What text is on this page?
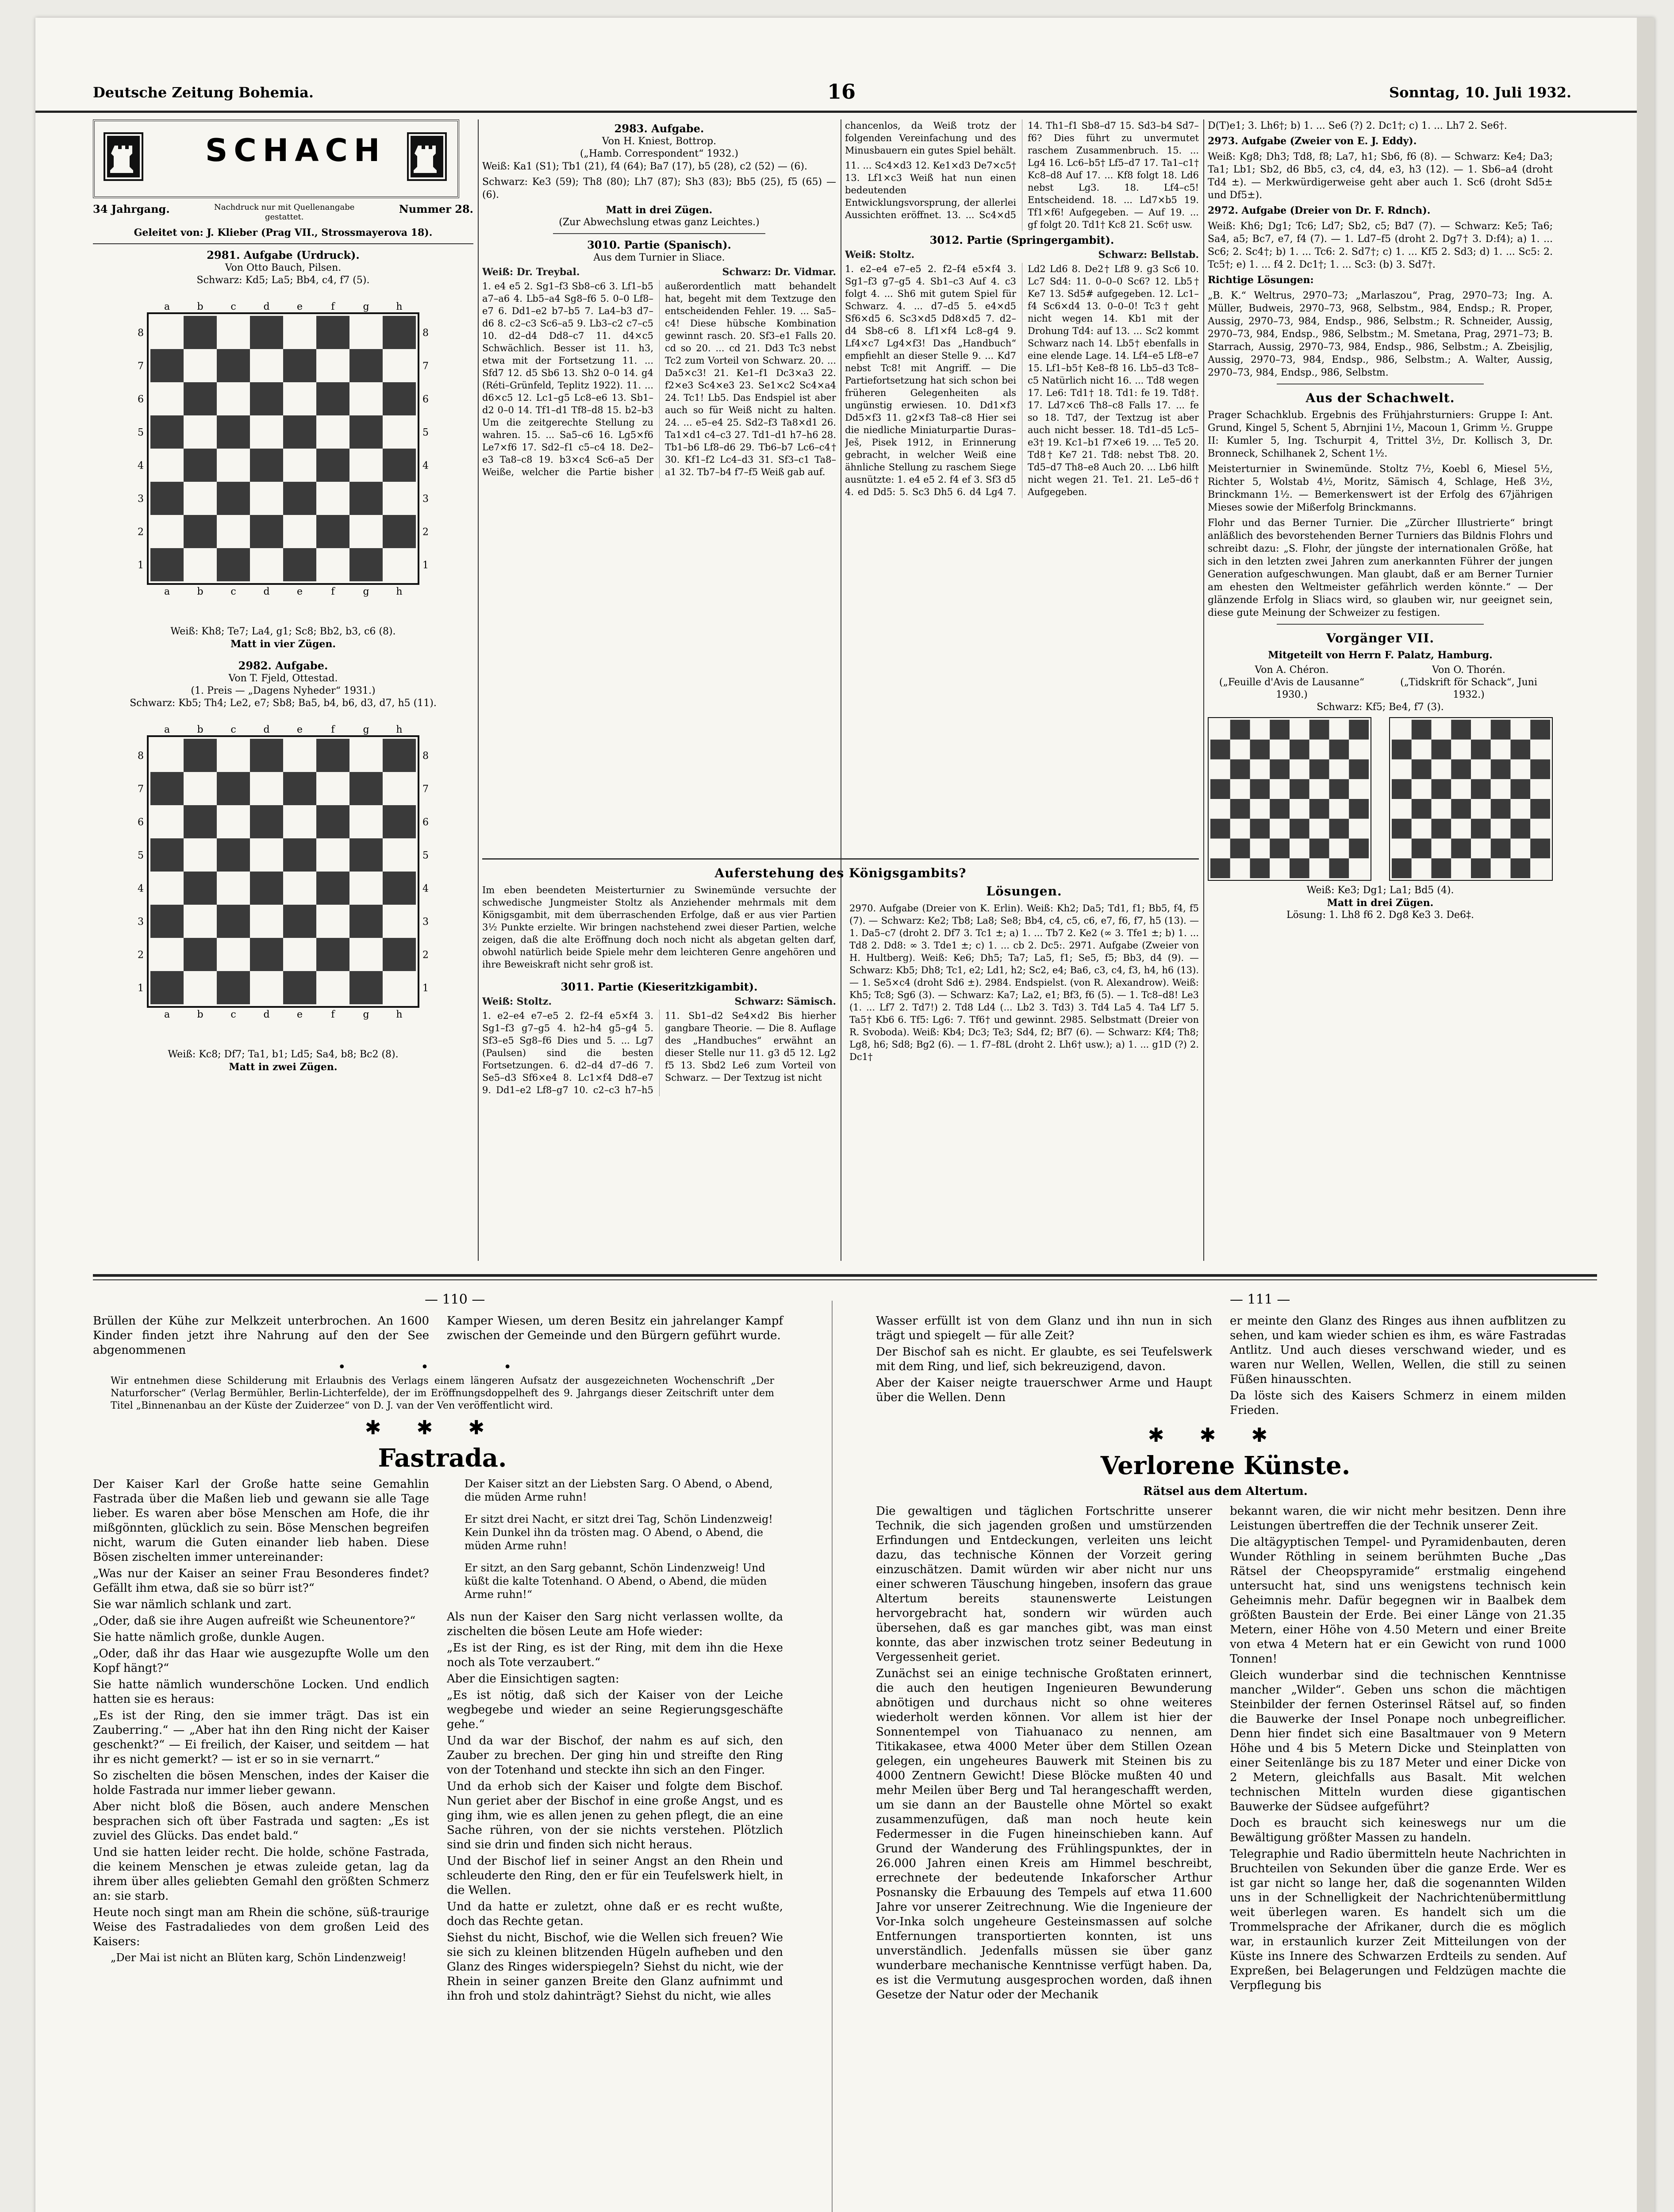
Deutsche Zeitung Bohemia.	16	Sonntag, 10. Juli 1932.
SCHACH
34 Jahrgang.	Nachdruck nur mit Quellenangabe gestattet.
Nummer 28.

Geleitet von: J. Klieber (Prag VII., Strossmayerova 18).

2981. Aufgabe (Urdruck).

Von Otto Bauch, Pilsen.

Schwarz: Kd5; La5; Bb4, c4, f7 (5).

a
a
b
b
c
c
d
d
e
e
f
f
g
g
h
h
8	8
7	7
6	6
5	5
4	4
3	3
2	2
1	1

Weiß: Kh8; Te7; La4, g1; Sc8; Bb2, b3, c6 (8).

Matt in vier Zügen.

2982. Aufgabe.

Von T. Fjeld, Ottestad.

(1. Preis — „Dagens Nyheder“ 1931.)

Schwarz: Kb5; Th4; Le2, e7; Sb8; Ba5, b4, b6, d3, d7, h5 (11).

a
a
b
b
c
c
d
d
e
e
f
f
g
g
h
h
8	8
7	7
6	6
5	5
4	4
3	3
2	2
1	1

Weiß: Kc8; Df7; Ta1, b1; Ld5; Sa4, b8; Bc2 (8).

Matt in zwei Zügen.

2983. Aufgabe.

Von H. Kniest, Bottrop.

(„Hamb. Correspondent“ 1932.)

Weiß: Ka1 (S1); Tb1 (21), f4 (64); Ba7 (17), b5 (28), c2 (52) — (6).

Schwarz: Ke3 (59); Th8 (80); Lh7 (87); Sh3 (83); Bb5 (25), f5 (65) — (6).

Matt in drei Zügen.

(Zur Abwechslung etwas ganz Leichtes.)

3010. Partie (Spanisch).

Aus dem Turnier in Sliace.

Weiß: Dr. Treybal.	Schwarz: Dr. Vidmar.
1. e4 e5 2. Sg1–f3 Sb8–c6 3. Lf1–b5 a7–a6 4. Lb5–a4 Sg8–f6 5. 0–0 Lf8–e7 6. Dd1–e2 b7–b5 7. La4–b3 d7–d6 8. c2–c3 Sc6–a5 9. Lb3–c2 c7–c5 10. d2–d4 Dd8–c7 11. d4×c5 Schwächlich. Besser ist 11. h3, etwa mit der Fortsetzung 11. ... Sfd7 12. d5 Sb6 13. Sh2 0–0 14. g4 (Réti–Grünfeld, Teplitz 1922). 11. ... d6×c5 12. Lc1–g5 Lc8–e6 13. Sb1–d2 0–0 14. Tf1–d1 Tf8–d8 15. b2–b3 Um die zeitgerechte Stellung zu wahren. 15. ... Sa5–c6 16. Lg5×f6 Le7×f6 17. Sd2–f1 c5–c4 18. De2–e3 Ta8–c8 19. b3×c4 Sc6–a5 Der Weiße, welcher die Partie bisher außerordentlich matt behandelt hat, begeht mit dem Textzuge den entscheidenden Fehler. 19. ... Sa5–c4! Diese hübsche Kombination gewinnt rasch. 20. Sf3–e1 Falls 20. cd so 20. ... cd 21. Dd3 Tc3 nebst Tc2 zum Vorteil von Schwarz. 20. ... Da5×c3! 21. Ke1–f1 Dc3×a3 22. f2×e3 Sc4×e3 23. Se1×c2 Sc4×a4 24. Tc1! Lb5. Das Endspiel ist aber auch so für Weiß nicht zu halten. 24. ... e5–e4 25. Sd2–f3 Ta8×d1 26. Ta1×d1 c4–c3 27. Td1–d1 h7–h6 28. Tb1–b6 Lf8–d6 29. Tb6–b7 Lc6–c4† 30. Kf1–f2 Lc4–d3 31. Sf3–c1 Ta8–a1 32. Tb7–b4 f7–f5 Weiß gab auf.

chancenlos, da Weiß trotz der folgenden Vereinfachung und des Minusbauern ein gutes Spiel behält.

11. ... Sc4×d3 12. Ke1×d3 De7×c5† 13. Lf1×c3 Weiß hat nun einen bedeutenden Entwicklungsvorsprung, der allerlei Aussichten eröffnet. 13. ... Sc4×d5 14. Th1–f1 Sb8–d7 15. Sd3–b4 Sd7–f6? Dies führt zu unvermutet raschem Zusammenbruch. 15. ... Lg4 16. Lc6–b5† Lf5–d7 17. Ta1–c1† Kc8–d8 Auf 17. ... Kf8 folgt 18. Ld6 nebst Lg3. 18. Lf4–c5! Entscheidend. 18. ... Ld7×b5 19. Tf1×f6! Aufgegeben. — Auf 19. ... gf folgt 20. Td1† Kc8 21. Sc6† usw.

3012. Partie (Springergambit).

Weiß: Stoltz.	Schwarz: Bellstab.
1. e2–e4 e7–e5 2. f2–f4 e5×f4 3. Sg1–f3 g7–g5 4. Sb1–c3 Auf 4. c3 folgt 4. ... Sh6 mit gutem Spiel für Schwarz. 4. ... d7–d5 5. e4×d5 Sf6×d5 6. Sc3×d5 Dd8×d5 7. d2–d4 Sb8–c6 8. Lf1×f4 Lc8–g4 9. Lf4×c7 Lg4×f3! Das „Handbuch“ empfiehlt an dieser Stelle 9. ... Kd7 nebst Tc8! mit Angriff. — Die Partiefortsetzung hat sich schon bei früheren Gelegenheiten als ungünstig erwiesen. 10. Dd1×f3 Dd5×f3 11. g2×f3 Ta8–c8 Hier sei die niedliche Miniaturpartie Duras–Ješ, Pisek 1912, in Erinnerung gebracht, in welcher Weiß eine ähnliche Stellung zu raschem Siege ausnützte: 1. e4 e5 2. f4 ef 3. Sf3 d5 4. ed Dd5: 5. Sc3 Dh5 6. d4 Lg4 7. Ld2 Ld6 8. De2† Lf8 9. g3 Sc6 10. Lc7 Sd4: 11. 0–0–0 Sc6? 12. Lb5† Ke7 13. Sd5# aufgegeben. 12. Lc1–f4 Sc6×d4 13. 0–0–0! Tc3† geht nicht wegen 14. Kb1 mit der Drohung Td4: auf 13. ... Sc2 kommt Schwarz nach 14. Lb5† ebenfalls in eine elende Lage. 14. Lf4–e5 Lf8–e7 15. Lf1–b5† Ke8–f8 16. Lb5–d3 Tc8–c5 Natürlich nicht 16. ... Td8 wegen 17. Le6: Td1† 18. Td1: fe 19. Td8†. 17. Ld7×c6 Th8–c8 Falls 17. ... fe so 18. Td7, der Textzug ist aber auch nicht besser. 18. Td1–d5 Lc5–e3† 19. Kc1–b1 f7×e6 19. ... Te5 20. Td8† Ke7 21. Td8: nebst Tb8. 20. Td5–d7 Th8–e8 Auch 20. ... Lb6 hilft nicht wegen 21. Te1. 21. Le5–d6† Aufgegeben.

Auferstehung des Königsgambits?

Im eben beendeten Meisterturnier zu Swinemünde versuchte der schwedische Jungmeister Stoltz als Anziehender mehrmals mit dem Königsgambit, mit dem überraschenden Erfolge, daß er aus vier Partien 3½ Punkte erzielte. Wir bringen nachstehend zwei dieser Partien, welche zeigen, daß die alte Eröffnung doch noch nicht als abgetan gelten darf, obwohl natürlich beide Spiele mehr dem leichteren Genre angehören und ihre Beweiskraft nicht sehr groß ist.

Lösungen.

2970. Aufgabe (Dreier von K. Erlin). Weiß: Kh2; Da5; Td1, f1; Bb5, f4, f5 (7). — Schwarz: Ke2; Tb8; La8; Se8; Bb4, c4, c5, c6, e7, f6, f7, h5 (13). — 1. Da5–c7 (droht 2. Df7 3. Tc1 ±; a) 1. ... Tb7 2. Ke2 (∞ 3. Tfe1 ±; b) 1. ... Td8 2. Dd8: ∞ 3. Tde1 ±; c) 1. ... cb 2. Dc5:. 2971. Aufgabe (Zweier von H. Hultberg). Weiß: Ke6; Dh5; Ta7; La5, f1; Se5, f5; Bb3, d4 (9). — Schwarz: Kb5; Dh8; Tc1, e2; Ld1, h2; Sc2, e4; Ba6, c3, c4, f3, h4, h6 (13). — 1. Se5×c4 (droht Sd6 ±). 2984. Endspielst. (von R. Alexandrow). Weiß: Kh5; Tc8; Sg6 (3). — Schwarz: Ka7; La2, e1; Bf3, f6 (5). — 1. Tc8–d8! Le3 (1. ... Lf7 2. Td7!) 2. Td8 Ld4 (... Lb2 3. Td3) 3. Td4 La5 4. Ta4 Lf7 5. Ta5† Kb6 6. Tf5: Lg6: 7. Tf6† und gewinnt. 2985. Selbstmatt (Dreier von R. Svoboda). Weiß: Kb4; Dc3; Te3; Sd4, f2; Bf7 (6). — Schwarz: Kf4; Th8; Lg8, h6; Sd8; Bg2 (6). — 1. f7–f8L (droht 2. Lh6† usw.); a) 1. ... g1D (?) 2. Dc1†

3011. Partie (Kieseritzkigambit).

Weiß: Stoltz.	Schwarz: Sämisch.
1. e2–e4 e7–e5 2. f2–f4 e5×f4 3. Sg1–f3 g7–g5 4. h2–h4 g5–g4 5. Sf3–e5 Sg8–f6 Dies und 5. ... Lg7 (Paulsen) sind die besten Fortsetzungen. 6. d2–d4 d7–d6 7. Se5–d3 Sf6×e4 8. Lc1×f4 Dd8–e7 9. Dd1–e2 Lf8–g7 10. c2–c3 h7–h5 11. Sb1–d2 Se4×d2 Bis hierher gangbare Theorie. — Die 8. Auflage des „Handbuches“ erwähnt an dieser Stelle nur 11. g3 d5 12. Lg2 f5 13. Sbd2 Le6 zum Vorteil von Schwarz. — Der Textzug ist nicht

D(T)e1; 3. Lh6†; b) 1. ... Se6 (?) 2. Dc1†; c) 1. ... Lh7 2. Se6†.

2973. Aufgabe (Zweier von E. J. Eddy).

Weiß: Kg8; Dh3; Td8, f8; La7, h1; Sb6, f6 (8). — Schwarz: Ke4; Da3; Ta1; Lb1; Sb2, d6 Bb5, c3, c4, d4, e3, h3 (12). — 1. Sb6–a4 (droht Td4 ±). — Merkwürdigerweise geht aber auch 1. Sc6 (droht Sd5± und Df5±).

2972. Aufgabe (Dreier von Dr. F. Rdnch).

Weiß: Kh6; Dg1; Tc6; Ld7; Sb2, c5; Bd7 (7). — Schwarz: Ke5; Ta6; Sa4, a5; Bc7, e7, f4 (7). — 1. Ld7–f5 (droht 2. Dg7† 3. D:f4); a) 1. ... Sc6; 2. Sc4†; b) 1. ... Tc6: 2. Sd7†; c) 1. ... Kf5 2. Sd3; d) 1. ... Sc5: 2. Tc5†; e) 1. ... f4 2. Dc1†; 1. ... Sc3: (b) 3. Sd7†.

Richtige Lösungen:

„B. K.“ Weltrus, 2970–73; „Marlaszou“, Prag, 2970–73; Ing. A. Müller, Budweis, 2970–73, 968, Selbstm., 984, Endsp.; R. Proper, Aussig, 2970–73, 984, Endsp., 986, Selbstm.; R. Schneider, Aussig, 2970–73, 984, Endsp., 986, Selbstm.; M. Smetana, Prag, 2971–73; B. Starrach, Aussig, 2970–73, 984, Endsp., 986, Selbstm.; A. Zbeisjlig, Aussig, 2970–73, 984, Endsp., 986, Selbstm.; A. Walter, Aussig, 2970–73, 984, Endsp., 986, Selbstm.

Aus der Schachwelt.

Prager Schachklub. Ergebnis des Frühjahrsturniers: Gruppe I: Ant. Grund, Kingel 5, Schent 5, Abrnjini 1½, Macoun 1, Grimm ½. Gruppe II: Kumler 5, Ing. Tschurpit 4, Trittel 3½, Dr. Kollisch 3, Dr. Bronneck, Schilhanek 2, Schent 1½.

Meisterturnier in Swinemünde. Stoltz 7½, Koebl 6, Miesel 5½, Richter 5, Wolstab 4½, Moritz, Sämisch 4, Schlage, Heß 3½, Brinckmann 1½. — Bemerkenswert ist der Erfolg des 67jährigen Mieses sowie der Mißerfolg Brinckmanns.

Flohr und das Berner Turnier. Die „Zürcher Illustrierte“ bringt anläßlich des bevorstehenden Berner Turniers das Bildnis Flohrs und schreibt dazu: „S. Flohr, der jüngste der internationalen Größe, hat sich in den letzten zwei Jahren zum anerkannten Führer der jungen Generation aufgeschwungen. Man glaubt, daß er am Berner Turnier am ehesten den Weltmeister gefährlich werden könnte.“ — Der glänzende Erfolg in Sliacs wird, so glauben wir, nur geeignet sein, diese gute Meinung der Schweizer zu festigen.

Vorgänger VII.

Mitgeteilt von Herrn F. Palatz, Hamburg.

Von A. Chéron.

(„Feuille d'Avis de Lausanne“ 1930.)

Von O. Thorén.

(„Tidskrift för Schack“, Juni 1932.)

Schwarz: Kf5; Be4, f7 (3).

Weiß: Ke3; Dg1; La1; Bd5 (4).

Matt in drei Zügen.

Lösung: 1. Lh8 f6 2. Dg8 Ke3 3. De6‡.

— 110 —	— 111 —

Brüllen der Kühe zur Melkzeit unterbrochen. An 1600 Kinder finden jetzt ihre Nahrung auf den der See abgenommenen

Kamper Wiesen, um deren Besitz ein jahrelanger Kampf zwischen der Gemeinde und den Bürgern geführt wurde.

• • •

Wir entnehmen diese Schilderung mit Erlaubnis des Verlags einem längeren Aufsatz der ausgezeichneten Wochenschrift „Der Naturforscher“ (Verlag Bermühler, Berlin-Lichterfelde), der im Eröffnungsdoppelheft des 9. Jahrgangs dieser Zeitschrift unter dem Titel „Binnenanbau an der Küste der Zuiderzee“ von D. J. van der Ven veröffentlicht wird.

✱✱✱

Fastrada.

Der Kaiser Karl der Große hatte seine Gemahlin Fastrada über die Maßen lieb und gewann sie alle Tage lieber. Es waren aber böse Menschen am Hofe, die ihr mißgönnten, glücklich zu sein. Böse Menschen begreifen nicht, warum die Guten einander lieb haben. Diese Bösen zischelten immer untereinander:

„Was nur der Kaiser an seiner Frau Besonderes findet? Gefällt ihm etwa, daß sie so bürr ist?“

Sie war nämlich schlank und zart.

„Oder, daß sie ihre Augen aufreißt wie Scheunentore?“

Sie hatte nämlich große, dunkle Augen.

„Oder, daß ihr das Haar wie ausgezupfte Wolle um den Kopf hängt?“

Sie hatte nämlich wunderschöne Locken. Und endlich hatten sie es heraus:

„Es ist der Ring, den sie immer trägt. Das ist ein Zauberring.“ — „Aber hat ihn den Ring nicht der Kaiser geschenkt?“ — Ei freilich, der Kaiser, und seitdem — hat ihr es nicht gemerkt? — ist er so in sie vernarrt.“

So zischelten die bösen Menschen, indes der Kaiser die holde Fastrada nur immer lieber gewann.

Aber nicht bloß die Bösen, auch andere Menschen besprachen sich oft über Fastrada und sagten: „Es ist zuviel des Glücks. Das endet bald.“

Und sie hatten leider recht. Die holde, schöne Fastrada, die keinem Menschen je etwas zuleide getan, lag da ihrem über alles geliebten Gemahl den größten Schmerz an: sie starb.

Heute noch singt man am Rhein die schöne, süß-traurige Weise des Fastradaliedes von dem großen Leid des Kaisers:

„Der Mai ist nicht an Blüten karg, Schön Lindenzweig!

Der Kaiser sitzt an der Liebsten Sarg. O Abend, o Abend, die müden Arme ruhn!

Er sitzt drei Nacht, er sitzt drei Tag, Schön Lindenzweig! Kein Dunkel ihn da trösten mag. O Abend, o Abend, die müden Arme ruhn!

Er sitzt, an den Sarg gebannt, Schön Lindenzweig! Und küßt die kalte Totenhand. O Abend, o Abend, die müden Arme ruhn!“

Als nun der Kaiser den Sarg nicht verlassen wollte, da zischelten die bösen Leute am Hofe wieder:

„Es ist der Ring, es ist der Ring, mit dem ihn die Hexe noch als Tote verzaubert.“

Aber die Einsichtigen sagten:

„Es ist nötig, daß sich der Kaiser von der Leiche wegbegebe und wieder an seine Regierungsgeschäfte gehe.“

Und da war der Bischof, der nahm es auf sich, den Zauber zu brechen. Der ging hin und streifte den Ring von der Totenhand und steckte ihn sich an den Finger.

Und da erhob sich der Kaiser und folgte dem Bischof. Nun geriet aber der Bischof in eine große Angst, und es ging ihm, wie es allen jenen zu gehen pflegt, die an eine Sache rühren, von der sie nichts verstehen. Plötzlich sind sie drin und finden sich nicht heraus.

Und der Bischof lief in seiner Angst an den Rhein und schleuderte den Ring, den er für ein Teufelswerk hielt, in die Wellen.

Und da hatte er zuletzt, ohne daß er es recht wußte, doch das Rechte getan.

Siehst du nicht, Bischof, wie die Wellen sich freuen? Wie sie sich zu kleinen blitzenden Hügeln aufheben und den Glanz des Ringes widerspiegeln? Siehst du nicht, wie der Rhein in seiner ganzen Breite den Glanz aufnimmt und ihn froh und stolz dahinträgt? Siehst du nicht, wie alles

Wasser erfüllt ist von dem Glanz und ihn nun in sich trägt und spiegelt — für alle Zeit?

Der Bischof sah es nicht. Er glaubte, es sei Teufelswerk mit dem Ring, und lief, sich bekreuzigend, davon.

Aber der Kaiser neigte trauerschwer Arme und Haupt über die Wellen. Denn

er meinte den Glanz des Ringes aus ihnen aufblitzen zu sehen, und kam wieder schien es ihm, es wäre Fastradas Antlitz. Und auch dieses verschwand wieder, und es waren nur Wellen, Wellen, Wellen, die still zu seinen Füßen hinausschten.

Da löste sich des Kaisers Schmerz in einem milden Frieden.

✱✱✱

Verlorene Künste.

Rätsel aus dem Altertum.

Die gewaltigen und täglichen Fortschritte unserer Technik, die sich jagenden großen und umstürzenden Erfindungen und Entdeckungen, verleiten uns leicht dazu, das technische Können der Vorzeit gering einzuschätzen. Damit würden wir aber nicht nur uns einer schweren Täuschung hingeben, insofern das graue Altertum bereits staunenswerte Leistungen hervorgebracht hat, sondern wir würden auch übersehen, daß es gar manches gibt, was man einst konnte, das aber inzwischen trotz seiner Bedeutung in Vergessenheit geriet.

Zunächst sei an einige technische Großtaten erinnert, die auch den heutigen Ingenieuren Bewunderung abnötigen und durchaus nicht so ohne weiteres wiederholt werden können. Vor allem ist hier der Sonnentempel von Tiahuanaco zu nennen, am Titikakasee, etwa 4000 Meter über dem Stillen Ozean gelegen, ein ungeheures Bauwerk mit Steinen bis zu 4000 Zentnern Gewicht! Diese Blöcke mußten 40 und mehr Meilen über Berg und Tal herangeschafft werden, um sie dann an der Baustelle ohne Mörtel so exakt zusammenzufügen, daß man noch heute kein Federmesser in die Fugen hineinschieben kann. Auf Grund der Wanderung des Frühlingspunktes, der in 26.000 Jahren einen Kreis am Himmel beschreibt, errechnete der bedeutende Inkaforscher Arthur Posnansky die Erbauung des Tempels auf etwa 11.600 Jahre vor unserer Zeitrechnung. Wie die Ingenieure der Vor-Inka solch ungeheure Gesteinsmassen auf solche Entfernungen transportierten konnten, ist uns unverständlich. Jedenfalls müssen sie über ganz wunderbare mechanische Kenntnisse verfügt haben. Da, es ist die Vermutung ausgesprochen worden, daß ihnen Gesetze der Natur oder der Mechanik

bekannt waren, die wir nicht mehr besitzen. Denn ihre Leistungen übertreffen die der Technik unserer Zeit.

Die altägyptischen Tempel- und Pyramidenbauten, deren Wunder Röthling in seinem berühmten Buche „Das Rätsel der Cheopspyramide“ erstmalig eingehend untersucht hat, sind uns wenigstens technisch kein Geheimnis mehr. Dafür begegnen wir in Baalbek dem größten Baustein der Erde. Bei einer Länge von 21.35 Metern, einer Höhe von 4.50 Metern und einer Breite von etwa 4 Metern hat er ein Gewicht von rund 1000 Tonnen!

Gleich wunderbar sind die technischen Kenntnisse mancher „Wilder“. Geben uns schon die mächtigen Steinbilder der fernen Osterinsel Rätsel auf, so finden die Bauwerke der Insel Ponape noch unbegreiflicher. Denn hier findet sich eine Basaltmauer von 9 Metern Höhe und 4 bis 5 Metern Dicke und Steinplatten von einer Seitenlänge bis zu 187 Meter und einer Dicke von 2 Metern, gleichfalls aus Basalt. Mit welchen technischen Mitteln wurden diese gigantischen Bauwerke der Südsee aufgeführt?

Doch es braucht sich keineswegs nur um die Bewältigung größter Massen zu handeln.

Telegraphie und Radio übermitteln heute Nachrichten in Bruchteilen von Sekunden über die ganze Erde. Wer es ist gar nicht so lange her, daß die sogenannten Wilden uns in der Schnelligkeit der Nachrichtenübermittlung weit überlegen waren. Es handelt sich um die Trommelsprache der Afrikaner, durch die es möglich war, in erstaunlich kurzer Zeit Mitteilungen von der Küste ins Innere des Schwarzen Erdteils zu senden. Auf Expreßen, bei Belagerungen und Feldzügen machte die Verpflegung bis
